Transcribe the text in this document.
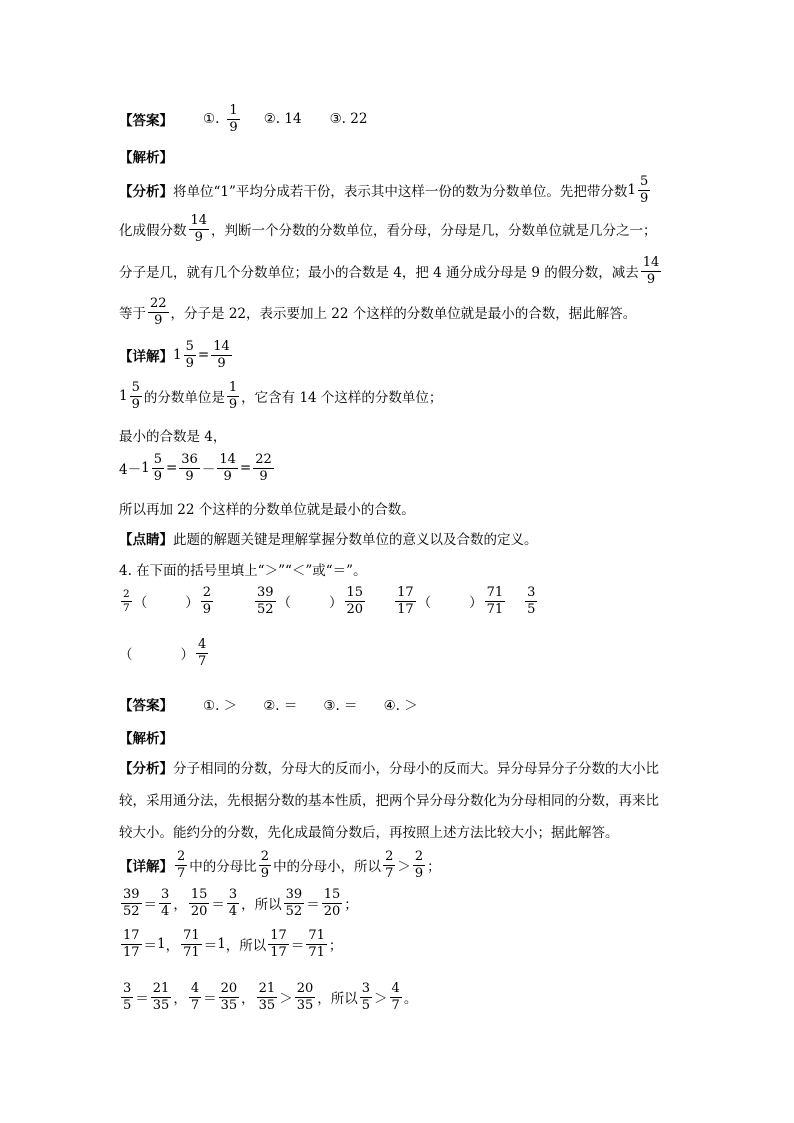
【答案】 ①. $\frac{1}{9}$ ②. 14 ③. 22
【解析】
【分析】 将单位“1”平均分成若干份，表示其中这样一份的数为分数单位。先把带分数 $1 \frac{5}{9}$
化成假分数 $\frac{14}{9}$ ，判断一个分数的分数单位，看分母，分母是几，分数单位就是几分之一；
分子是几，就有几个分数单位；最小的合数是 4，把 4 通分成分母是 9 的假分数，减去 $\frac{14}{9}$
等于 $\frac{22}{9}$ ，分子是 22，表示要加上 22 个这样的分数单位就是最小的合数，据此解答。
【详解】 $1 \frac{5}{9} = \frac{14}{9}$
$1 \frac{5}{9}$ 的分数单位是 $\frac{1}{9}$ ，它含有 14 个这样的分数单位；
最小的合数是 4，
$4- 1 \frac{5}{9} = \frac{36}{9} - \frac{14}{9} = \frac{22}{9}$
所以再加 22 个这样的分数单位就是最小的合数。
【点睛】 此题的解题关键是理解掌握分数单位的意义以及合数的定义。
4. 在下面的括号里填上“＞”“＜”或“＝”。
$\frac{2}{7}$ （	） $\frac{2}{9}$	$\frac{39}{52}$ （	） $\frac{15}{20} \frac{17}{17}$ （	） $\frac{71}{71} \frac{3}{5}$
（	） $\frac{4}{7}$
【答案】 ①. ＞ ②. ＝ ③. ＝ ④. ＞
【解析】
【分析】 分子相同的分数，分母大的反而小，分母小的反而大。异分母异分子分数的大小比
较，采用通分法，先根据分数的基本性质，把两个异分母分数化为分母相同的分数，再来比
较大小。能约分的分数，先化成最简分数后，再按照上述方法比较大小；据此解答。
【详解】 $\frac{2}{7}$ 中的分母比 $\frac{2}{9}$ 中的分母小，所以 $\frac{2}{7} > \frac{2}{9}$ ；
$\frac{39}{52} = \frac{3}{4}$ ， $\frac{15}{20} = \frac{3}{4}$ ，所以 $\frac{39}{52} = \frac{15}{20}$ ；
$\frac{17}{17} = 1$ ， $\frac{71}{71} = 1$ ，所以 $\frac{17}{17} = \frac{71}{71}$ ；
$\frac{3}{5} = \frac{21}{35}$ ， $\frac{4}{7} = \frac{20}{35}$ ， $\frac{21}{35} > \frac{20}{35}$ ，所以 $\frac{3}{5} > \frac{4}{7}$ 。
